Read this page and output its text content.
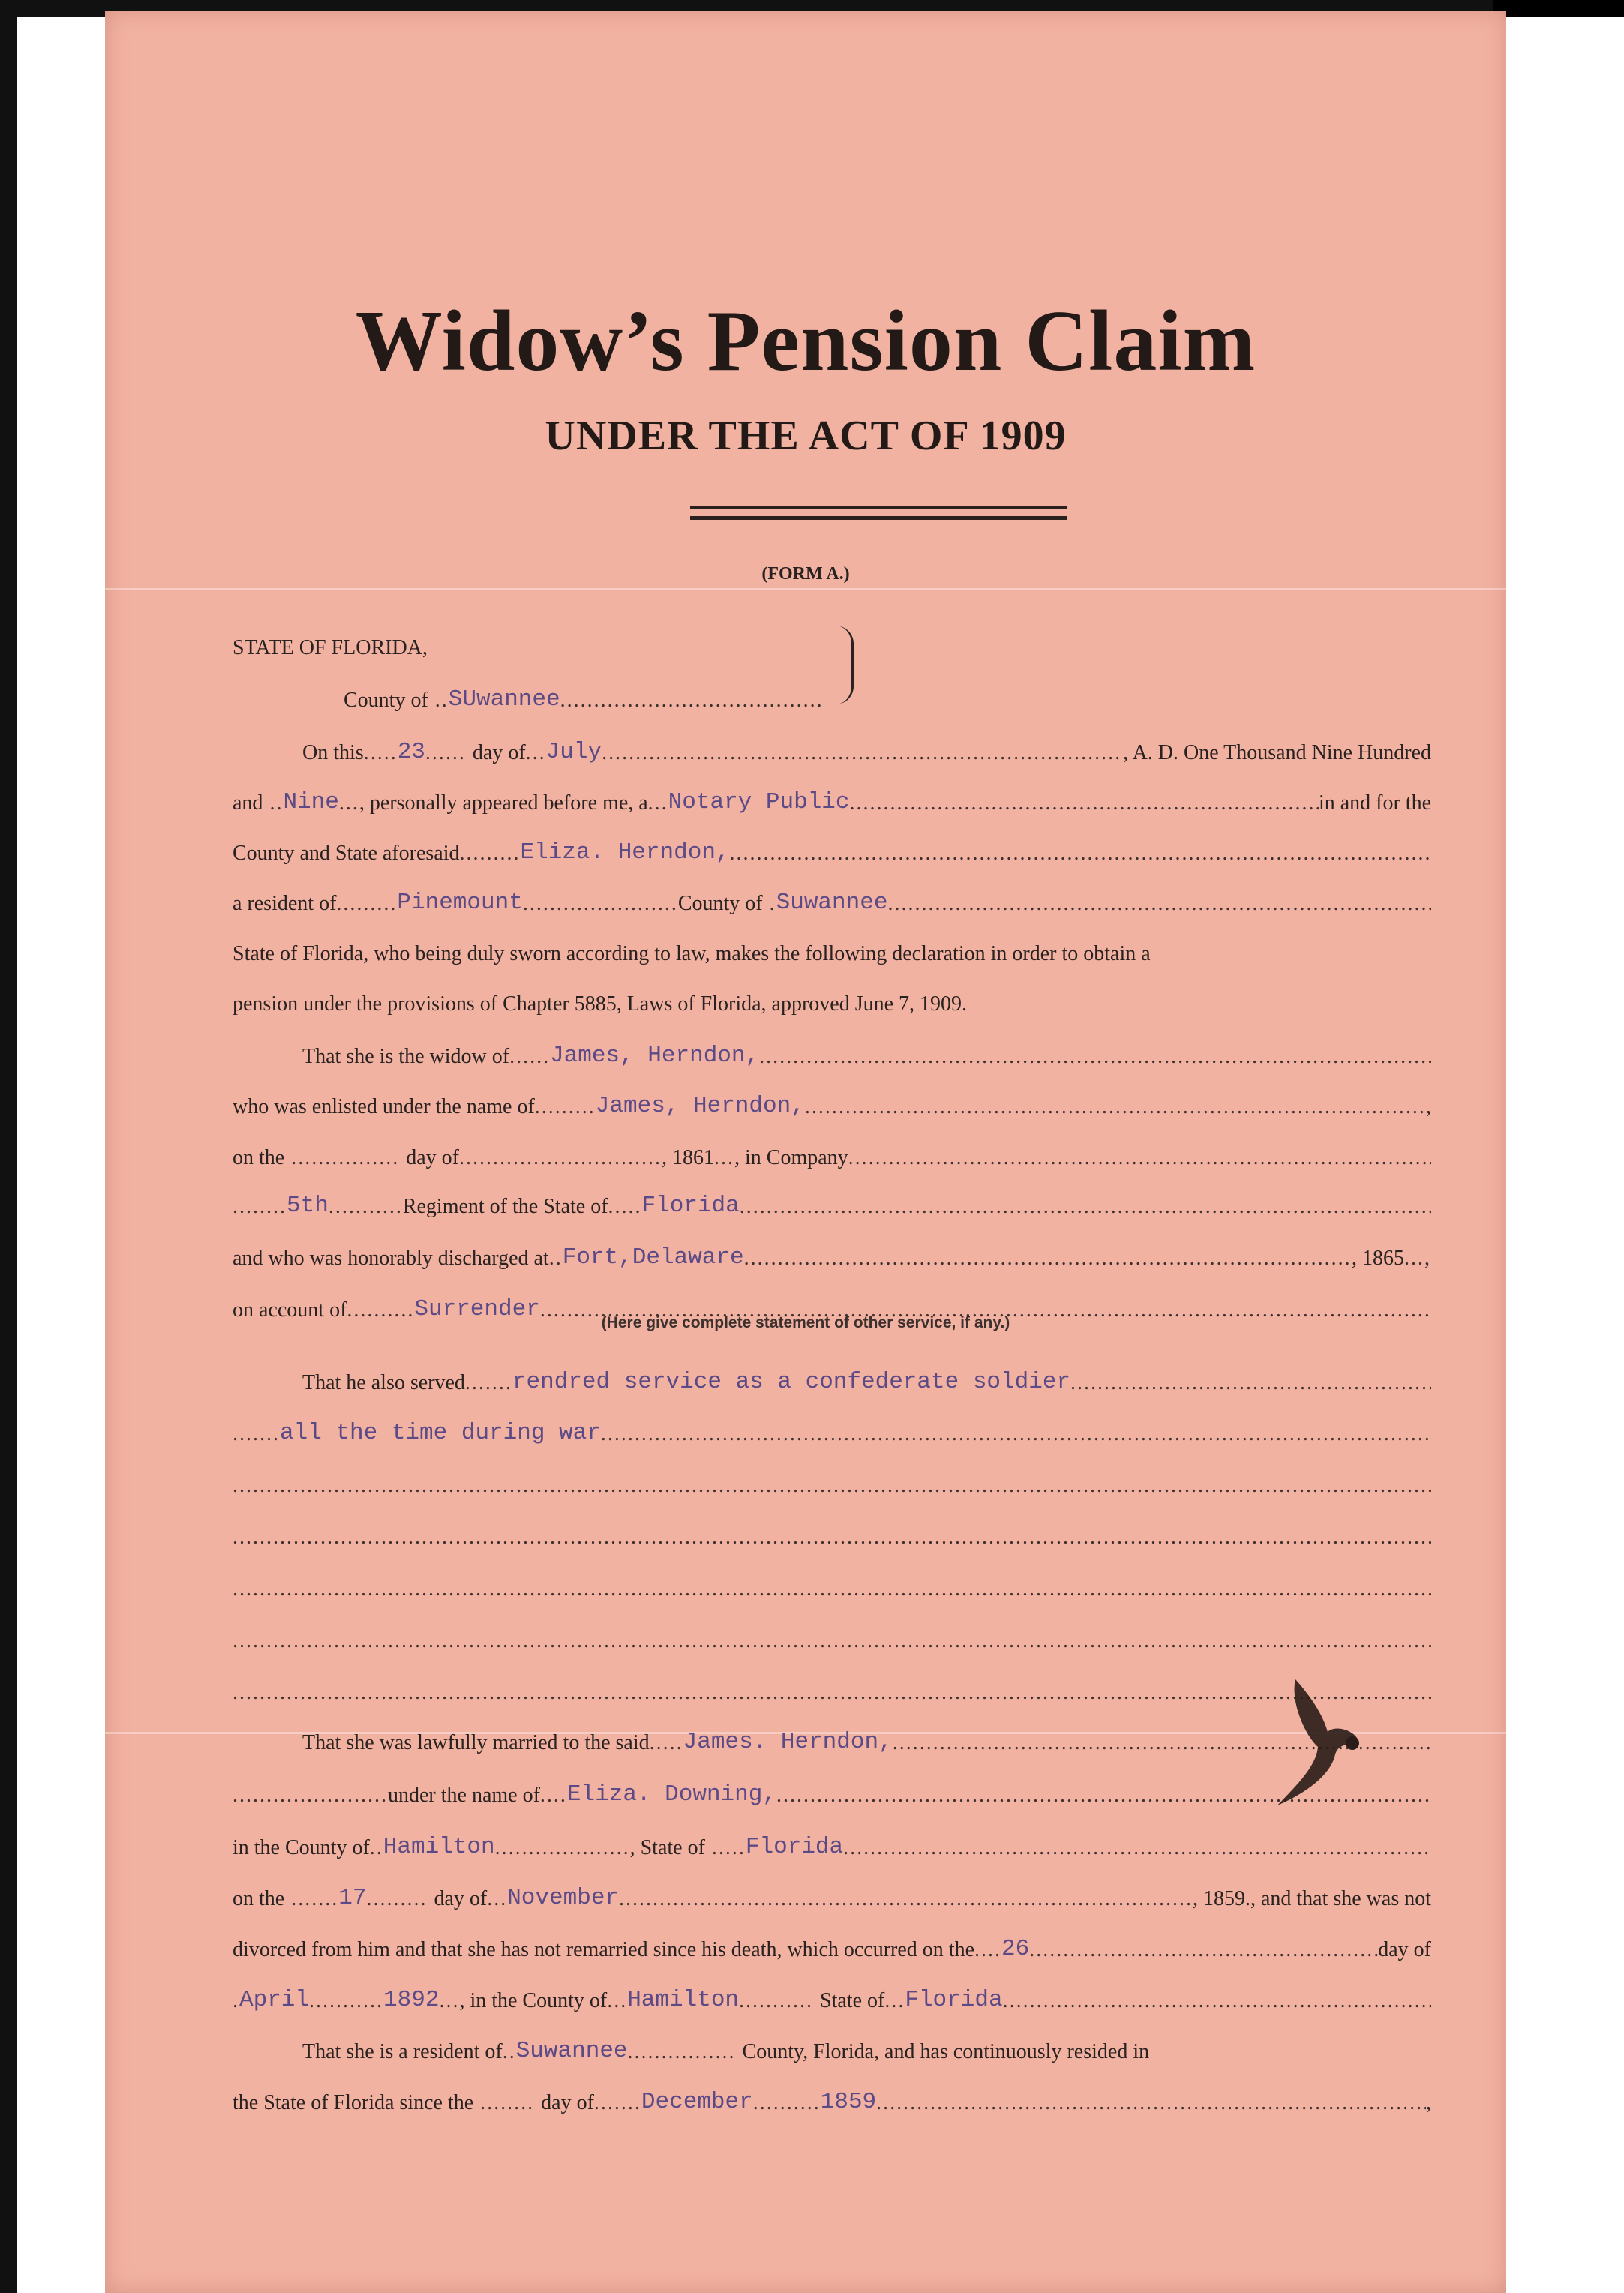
Widow’s Pension Claim
UNDER THE ACT OF 1909
(FORM A.)
STATE OF FLORIDA,
County of .. SUwannee
.....
On this ..... 23 ...... day of ... July .....	, A. D. One Thousand Nine Hundred
and .. Nine ... , personally appeared before me, a ... Notary Public .....	in and for the
County and State aforesaid ......... Eliza. Herndon,
.....
a resident of ......... Pinemount ....................... County of . Suwannee
.....
State of Florida, who being duly sworn according to law, makes the following declaration in order to obtain a
pension under the provisions of Chapter 5885, Laws of Florida, approved June 7, 1909.
That she is the widow of ...... James, Herndon,
.....
who was enlisted under the name of ......... James, Herndon, .....	,
on the ................ day of .............................. , 1861 ... , in Company
.....
........ 5th ........... Regiment of the State of ..... Florida
.....
and who was honorably discharged at .. Fort,Delaware .....	, 1865 ...,
on account of .......... Surrender
.....
(Here give complete statement of other service, if any.)
That he also served ....... rendred service as a confederate soldier
.....
....... all the time during war
.....
.....
.....
.....
.....
.....
That she was lawfully married to the said ..... James. Herndon,
.....
....................... under the name of .... Eliza. Downing,
.....
in the County of .. Hamilton .................... , State of ..... Florida
.....
on the ....... 17 ......... day of ... November .....	, 1859 ., and that she was not
divorced from him and that she has not remarried since his death, which occurred on the .... 26 .....	day of
. April ........... 1892 ... , in the County of ... Hamilton ........... State of ... Florida
.....
That she is a resident of .. Suwannee ................ County, Florida, and has continuously resided in
the State of Florida since the ........ day of ....... December .......... 1859 .....	,
